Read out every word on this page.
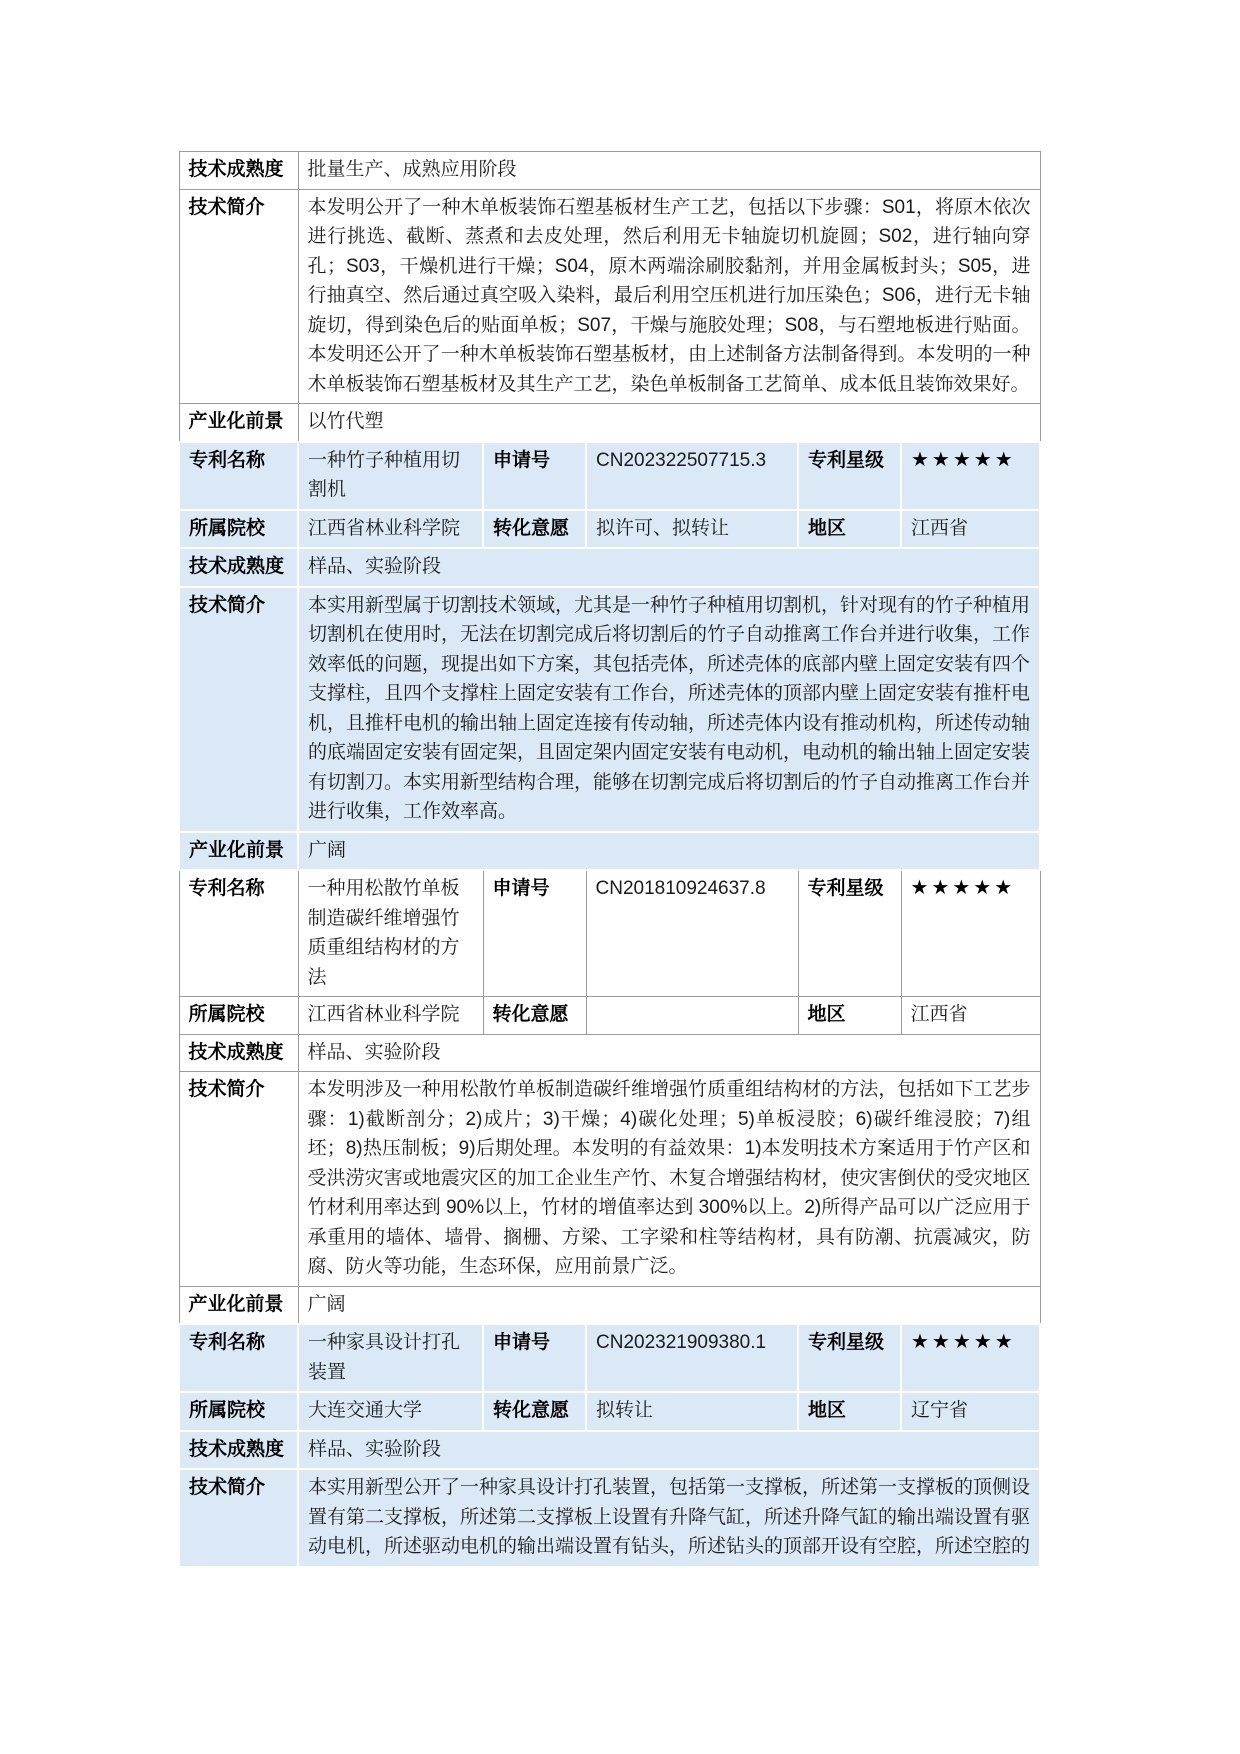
技术成熟度	批量生产、成熟应用阶段				
技术简介	本发明公开了一种木单板装饰石塑基板材生产工艺，包括以下步骤：S01，将原木依次进行挑选、截断、蒸煮和去皮处理，然后利用无卡轴旋切机旋圆；S02，进行轴向穿孔；S03，干燥机进行干燥；S04，原木两端涂刷胶黏剂，并用金属板封头；S05，进行抽真空、然后通过真空吸入染料，最后利用空压机进行加压染色；S06，进行无卡轴旋切，得到染色后的贴面单板；S07，干燥与施胶处理；S08，与石塑地板进行贴面。本发明还公开了一种木单板装饰石塑基板材，由上述制备方法制备得到。本发明的一种木单板装饰石塑基板材及其生产工艺，染色单板制备工艺简单、成本低且装饰效果好。				
产业化前景	以竹代塑				
专利名称	一种竹子种植用切割机	申请号	CN202322507715.3	专利星级	★★★★★
所属院校	江西省林业科学院	转化意愿	拟许可、拟转让	地区	江西省
技术成熟度	样品、实验阶段				
技术简介	本实用新型属于切割技术领域，尤其是一种竹子种植用切割机，针对现有的竹子种植用切割机在使用时，无法在切割完成后将切割后的竹子自动推离工作台并进行收集，工作效率低的问题，现提出如下方案，其包括壳体，所述壳体的底部内壁上固定安装有四个支撑柱，且四个支撑柱上固定安装有工作台，所述壳体的顶部内壁上固定安装有推杆电机，且推杆电机的输出轴上固定连接有传动轴，所述壳体内设有推动机构，所述传动轴的底端固定安装有固定架，且固定架内固定安装有电动机，电动机的输出轴上固定安装有切割刀。本实用新型结构合理，能够在切割完成后将切割后的竹子自动推离工作台并进行收集，工作效率高。				
产业化前景	广阔				
专利名称	一种用松散竹单板制造碳纤维增强竹质重组结构材的方法	申请号	CN201810924637.8	专利星级	★★★★★
所属院校	江西省林业科学院	转化意愿		地区	江西省
技术成熟度	样品、实验阶段				
技术简介	本发明涉及一种用松散竹单板制造碳纤维增强竹质重组结构材的方法，包括如下工艺步骤：1)截断剖分；2)成片；3)干燥；4)碳化处理；5)单板浸胶；6)碳纤维浸胶；7)组坯；8)热压制板；9)后期处理。本发明的有益效果：1)本发明技术方案适用于竹产区和受洪涝灾害或地震灾区的加工企业生产竹、木复合增强结构材，使灾害倒伏的受灾地区竹材利用率达到 90%以上，竹材的增值率达到 300%以上。2)所得产品可以广泛应用于承重用的墙体、墙骨、搁栅、方梁、工字梁和柱等结构材，具有防潮、抗震减灾，防腐、防火等功能，生态环保，应用前景广泛。				
产业化前景	广阔				
专利名称	一种家具设计打孔装置	申请号	CN202321909380.1	专利星级	★★★★★
所属院校	大连交通大学	转化意愿	拟转让	地区	辽宁省
技术成熟度	样品、实验阶段				
技术简介	本实用新型公开了一种家具设计打孔装置，包括第一支撑板，所述第一支撑板的顶侧设置有第二支撑板，所述第二支撑板上设置有升降气缸，所述升降气缸的输出端设置有驱动电机，所述驱动电机的输出端设置有钻头，所述钻头的顶部开设有空腔，所述空腔的				
